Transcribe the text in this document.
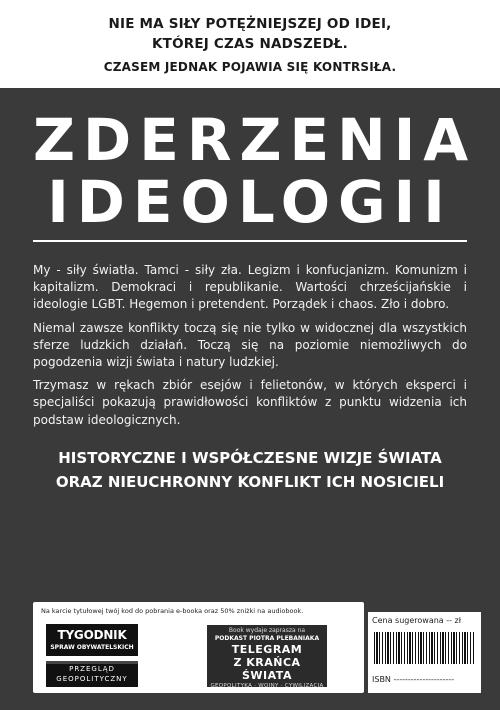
NIE MA SIŁY POTĘŻNIEJSZEJ OD IDEI,
KTÓREJ CZAS NADSZEDŁ.
CZASEM JEDNAK POJAWIA SIĘ KONTRSIŁA.
ZDERZENIA
IDEOLOGII

My - siły światła. Tamci - siły zła. Legizm i konfucjanizm. Komunizm i kapitalizm. Demokraci i republikanie. Wartości chrześcijańskie i ideologie LGBT. Hegemon i pretendent. Porządek i chaos. Zło i dobro.

Niemal zawsze konflikty toczą się nie tylko w widocznej dla wszystkich sferze ludzkich działań. Toczą się na poziomie niemożliwych do pogodzenia wizji świata i natury ludzkiej.

Trzymasz w rękach zbiór esejów i felietonów, w których eksperci i specjaliści pokazują prawidłowości konfliktów z punktu widzenia ich podstaw ideologicznych.

HISTORYCZNE I WSPÓŁCZESNE WIZJE ŚWIATA
ORAZ NIEUCHRONNY KONFLIKT ICH NOSICIELI
Na karcie tytułowej twój kod do pobrania e-booka oraz 50% zniżki na audiobook.
TYGODNIK
SPRAW OBYWATELSKICH
PRZEGLĄD
GEOPOLITYCZNY
Book wydaje zaprasza na
PODKAST PIOTRA PLEBANIAKA
TELEGRAM
Z KRAŃCA ŚWIATA
GEOPOLITYKA · WOJNY · CYWILIZACJA
Cena sugerowana -- zł
ISBN ---------------------
